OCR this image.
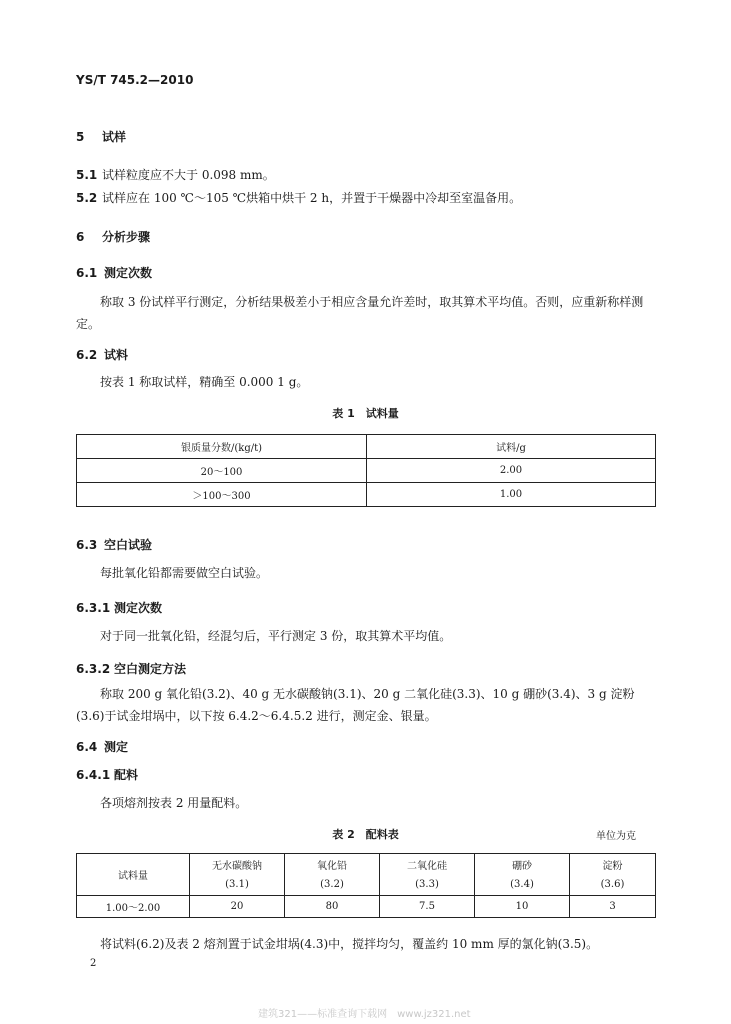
YS/T 745.2—2010
5 试样
5.1 试样粒度应不大于 0.098 mm。
5.2 试样应在 100 ℃～105 ℃烘箱中烘干 2 h，并置于干燥器中冷却至室温备用。
6 分析步骤
6.1 测定次数
称取 3 份试样平行测定，分析结果极差小于相应含量允许差时，取其算术平均值。否则，应重新称样测定。
6.2 试料
按表 1 称取试样，精确至 0.000 1 g。
表 1　试料量
银质量分数/(kg/t)	试料/g
20～100	2.00
＞100～300	1.00
6.3 空白试验
每批氧化铅都需要做空白试验。
6.3.1 测定次数
对于同一批氧化铅，经混匀后，平行测定 3 份，取其算术平均值。
6.3.2 空白测定方法
称取 200 g 氧化铅(3.2)、40 g 无水碳酸钠(3.1)、20 g 二氧化硅(3.3)、10 g 硼砂(3.4)、3 g 淀粉(3.6)于试金坩埚中，以下按 6.4.2～6.4.5.2 进行，测定金、银量。
6.4 测定
6.4.1 配料
各项熔剂按表 2 用量配料。
表 2　配料表	单位为克
试料量	无水碳酸钠	氧化铅	二氧化硅	硼砂	淀粉
	(3.1)	(3.2)	(3.3)	(3.4)	(3.6)
1.00～2.00	20	80	7.5	10	3
将试料(6.2)及表 2 熔剂置于试金坩埚(4.3)中，搅拌均匀，覆盖约 10 mm 厚的氯化钠(3.5)。
2
建筑321——标准查询下载网　www.jz321.net
